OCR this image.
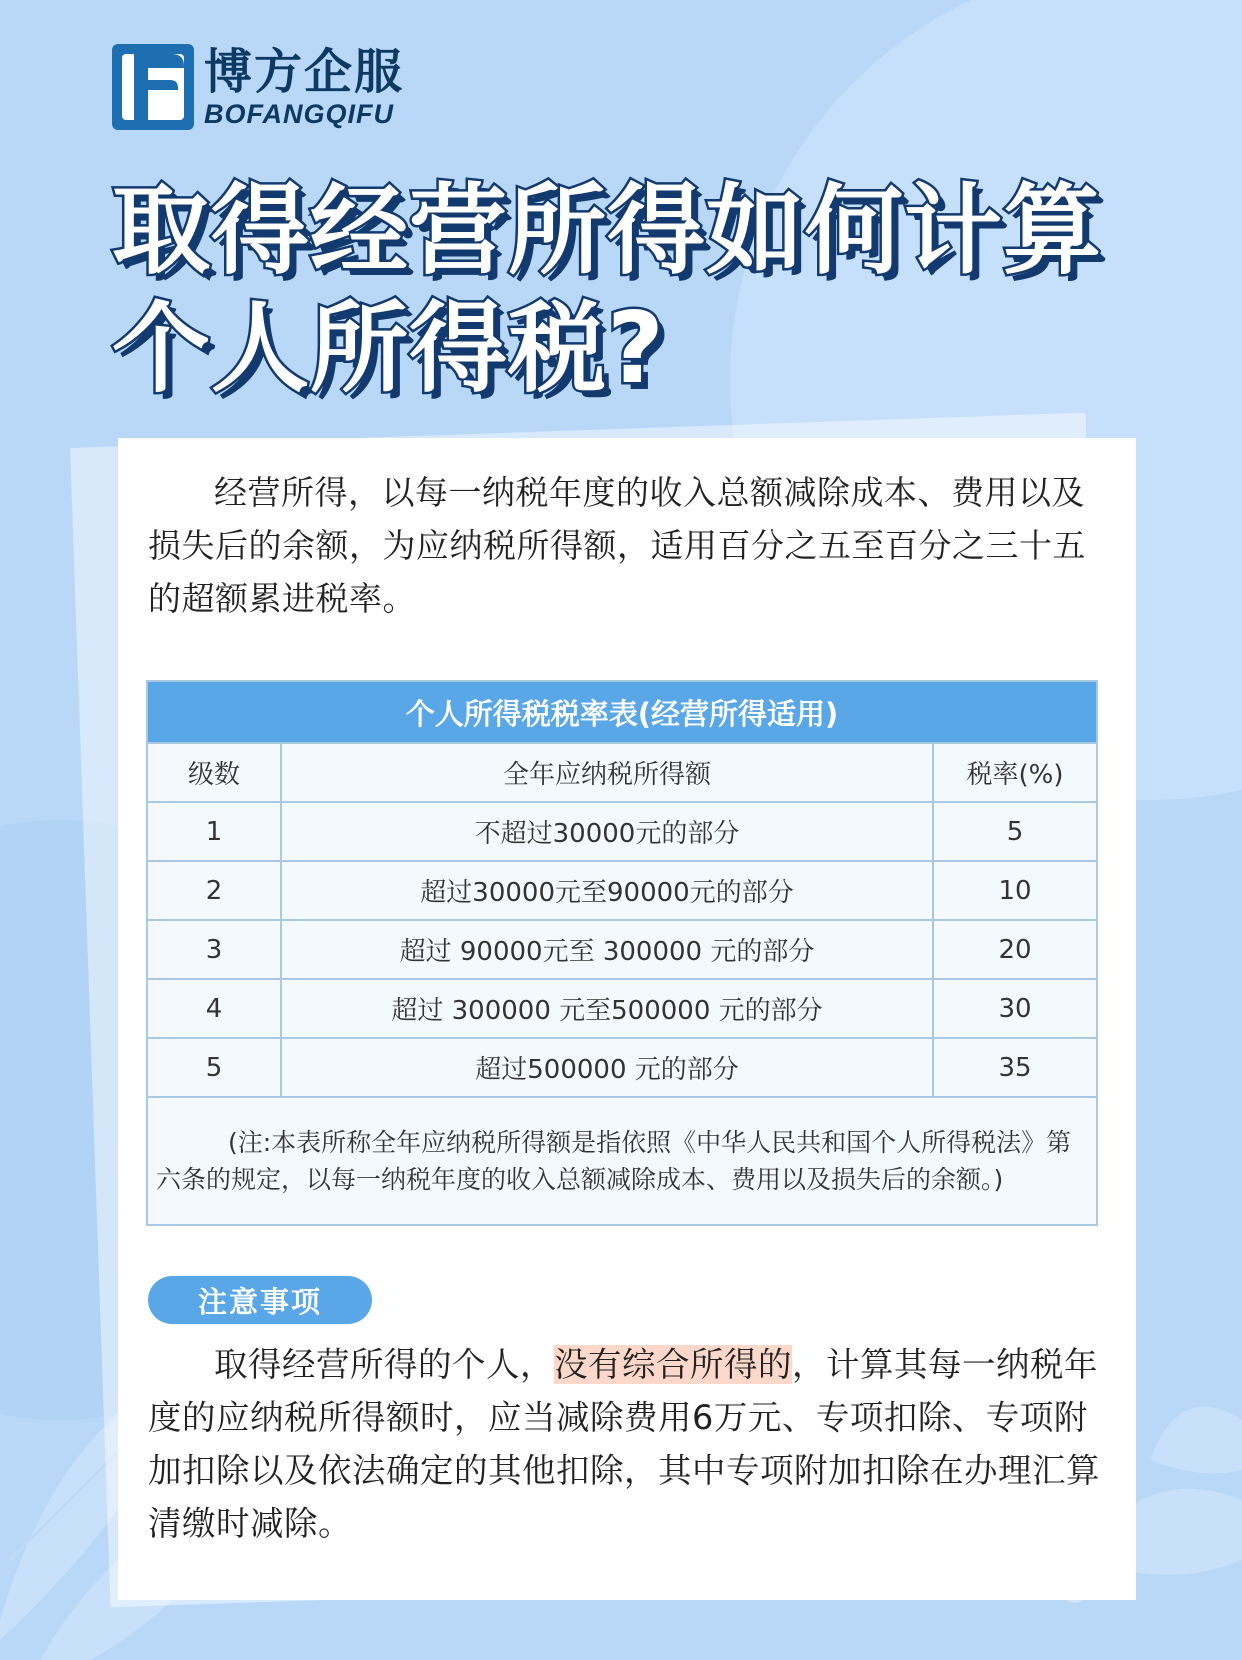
博方企服
BOFANGQIFU
取得经营所得如何计算
个人所得税?
经营所得，以每一纳税年度的收入总额减除成本、费用以及损失后的余额，为应纳税所得额，适用百分之五至百分之三十五的超额累进税率。
个人所得税税率表(经营所得适用)
级数	全年应纳税所得额	税率(%)
1	不超过30000元的部分	5
2	超过30000元至90000元的部分	10
3	超过 90000元至 300000 元的部分	20
4	超过 300000 元至500000 元的部分	30
5	超过500000 元的部分	35
(注:本表所称全年应纳税所得额是指依照《中华人民共和国个人所得税法》第六条的规定，以每一纳税年度的收入总额减除成本、费用以及损失后的余额。)
注意事项
取得经营所得的个人，没有综合所得的，计算其每一纳税年度的应纳税所得额时，应当减除费用6万元、专项扣除、专项附加扣除以及依法确定的其他扣除，其中专项附加扣除在办理汇算清缴时减除。
